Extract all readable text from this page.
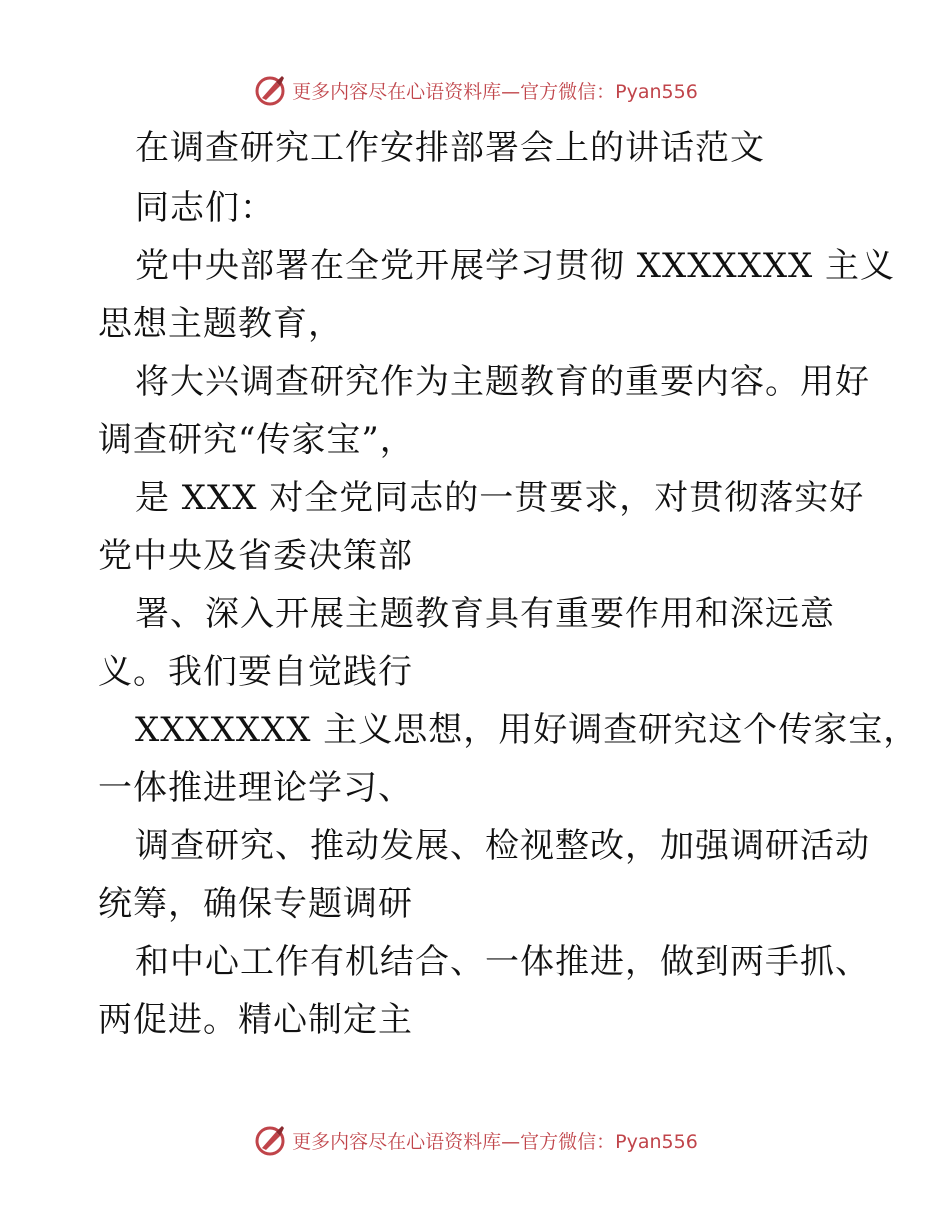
更多内容尽在心语资料库—官方微信：Pyan556
在调查研究工作安排部署会上的讲话范文
同志们：
党中央部署在全党开展学习贯彻 XXXXXXX 主义
思想主题教育，
将大兴调查研究作为主题教育的重要内容。用好
调查研究“传家宝”，
是 XXX 对全党同志的一贯要求，对贯彻落实好
党中央及省委决策部
署、深入开展主题教育具有重要作用和深远意
义。我们要自觉践行
XXXXXXX 主义思想，用好调查研究这个传家宝，
一体推进理论学习、
调查研究、推动发展、检视整改，加强调研活动
统筹，确保专题调研
和中心工作有机结合、一体推进，做到两手抓、
两促进。精心制定主
更多内容尽在心语资料库—官方微信：Pyan556
